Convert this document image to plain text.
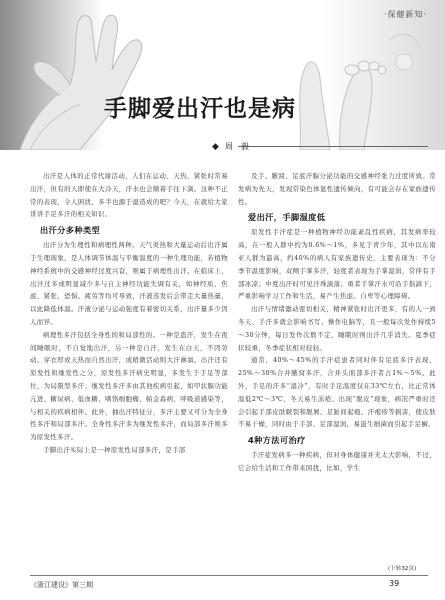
·保健新知·
手脚爱出汗也是病
◆ 周　毅

出汗是人体的正常代谢活动，人们在运动、天热、紧张时常易出汗，但有的人即使在大冷天，汗水也会顺着手往下滴。这种不正常的表现，令人困扰，多半也源于湿造成的吧？今天，在就给大家讲讲手足多汗的相关知识。

出汗分多种类型

出汗分为生理性和病理性两种。天气炎热和大量运动后出汗属于生理现象，是人体调节体温与平衡温度的一种生理功能，若植物神经系统中的交感神经过度兴奋，则属于病理性出汗。在临床上，出汗过多或明显减少多与自主神经功能失调有关，如神经质、焦虑、紧张、恐惧、疲劳等均可导致，汗液蒸发后会带走大量热量，以此降低体温。汗液分泌与运动强度有着密切关系，出汗量多少因人而异。

病理性多汗包括全身性的和局部性的。一种是盗汗，发生在夜间睡眠时，不自觉地出汗，另一种是自汗，发生在白天，不因劳动、穿衣厚或天热而自然出汗，或稍微活动则大汗淋漓。出汗还有原发性和继发性之分，原发性多汗病史明显，多发生于手足等部位，为局限型多汗；继发性多汗多由其他疾病引起，如甲状腺功能亢进、糖尿病、低血糖、嗜铬细胞瘤、帕金森病、呼吸道感染等，与相关的疾病相伴。此外，抽出汗特征分，多汗主要又可分为全身性多汗和局部多汗。全身性多汗多为继发性多汗，而局部多汗则多为原发性多汗。

手脚出汗实际上是一种原发性局部多汗，是手部

及手、腋窝、足底汗腺分泌功能的交感神经张力过度所致。常发病为先天，发现常染色体显性遗传倾向，有可能会存在家族遗传性。

爱出汗，手脚湿度低

原发性手汗症是一种植物神经功能紊乱性疾病，其发病率较高，在一般人群中约为0.6%～1%，多见于青少年，其中以东南亚人群为最高，约40%的病人有家族遗传史，主要表现为：不分季节温度影响，双侧手掌多汗，轻度者表现为手掌湿润，常伴有手部冰凉；中度出汗时可见汗珠滴落；重者手掌汗水可沿手指滴下，严重影响学习工作和生活，易产生焦虑、自卑等心理障碍。

出汗与情绪激动密切相关，精神紧张时出汗更多，有的人一到冬天、手汗多就会影响书写、操作电脑等，且一般每次发作持续5～30分钟，每日发作次数不定，睡眠时则出汗几乎消失。夏季症状较重，冬季症状相对较轻。

通常，40%～45%的手汗症患者同时伴有足底多汗表现，25%～30%合并腋窝多汗，合并头面部多汗者占1%～5%。此外，手足的汗多“湿冷”，有时手足温度仅在33℃左右，比正常体温低2℃～3℃，冬天易生冻疮、出现“脱皮”现象，病况严重时还会引起手部皮肤皲裂和脱屑、足趾间起疱、汗疱疹等损害，使皮肤不易干燥，同时由于手部、足部湿润，易滋生细菌而引起手足癣。

4种方法可治疗

手汗症发病多一种疾病，但对身体健康并无太大影响，不过，它会给生活和工作带来困扰，比如，学生

(下转32页)
《浙江建设》第三期	39
